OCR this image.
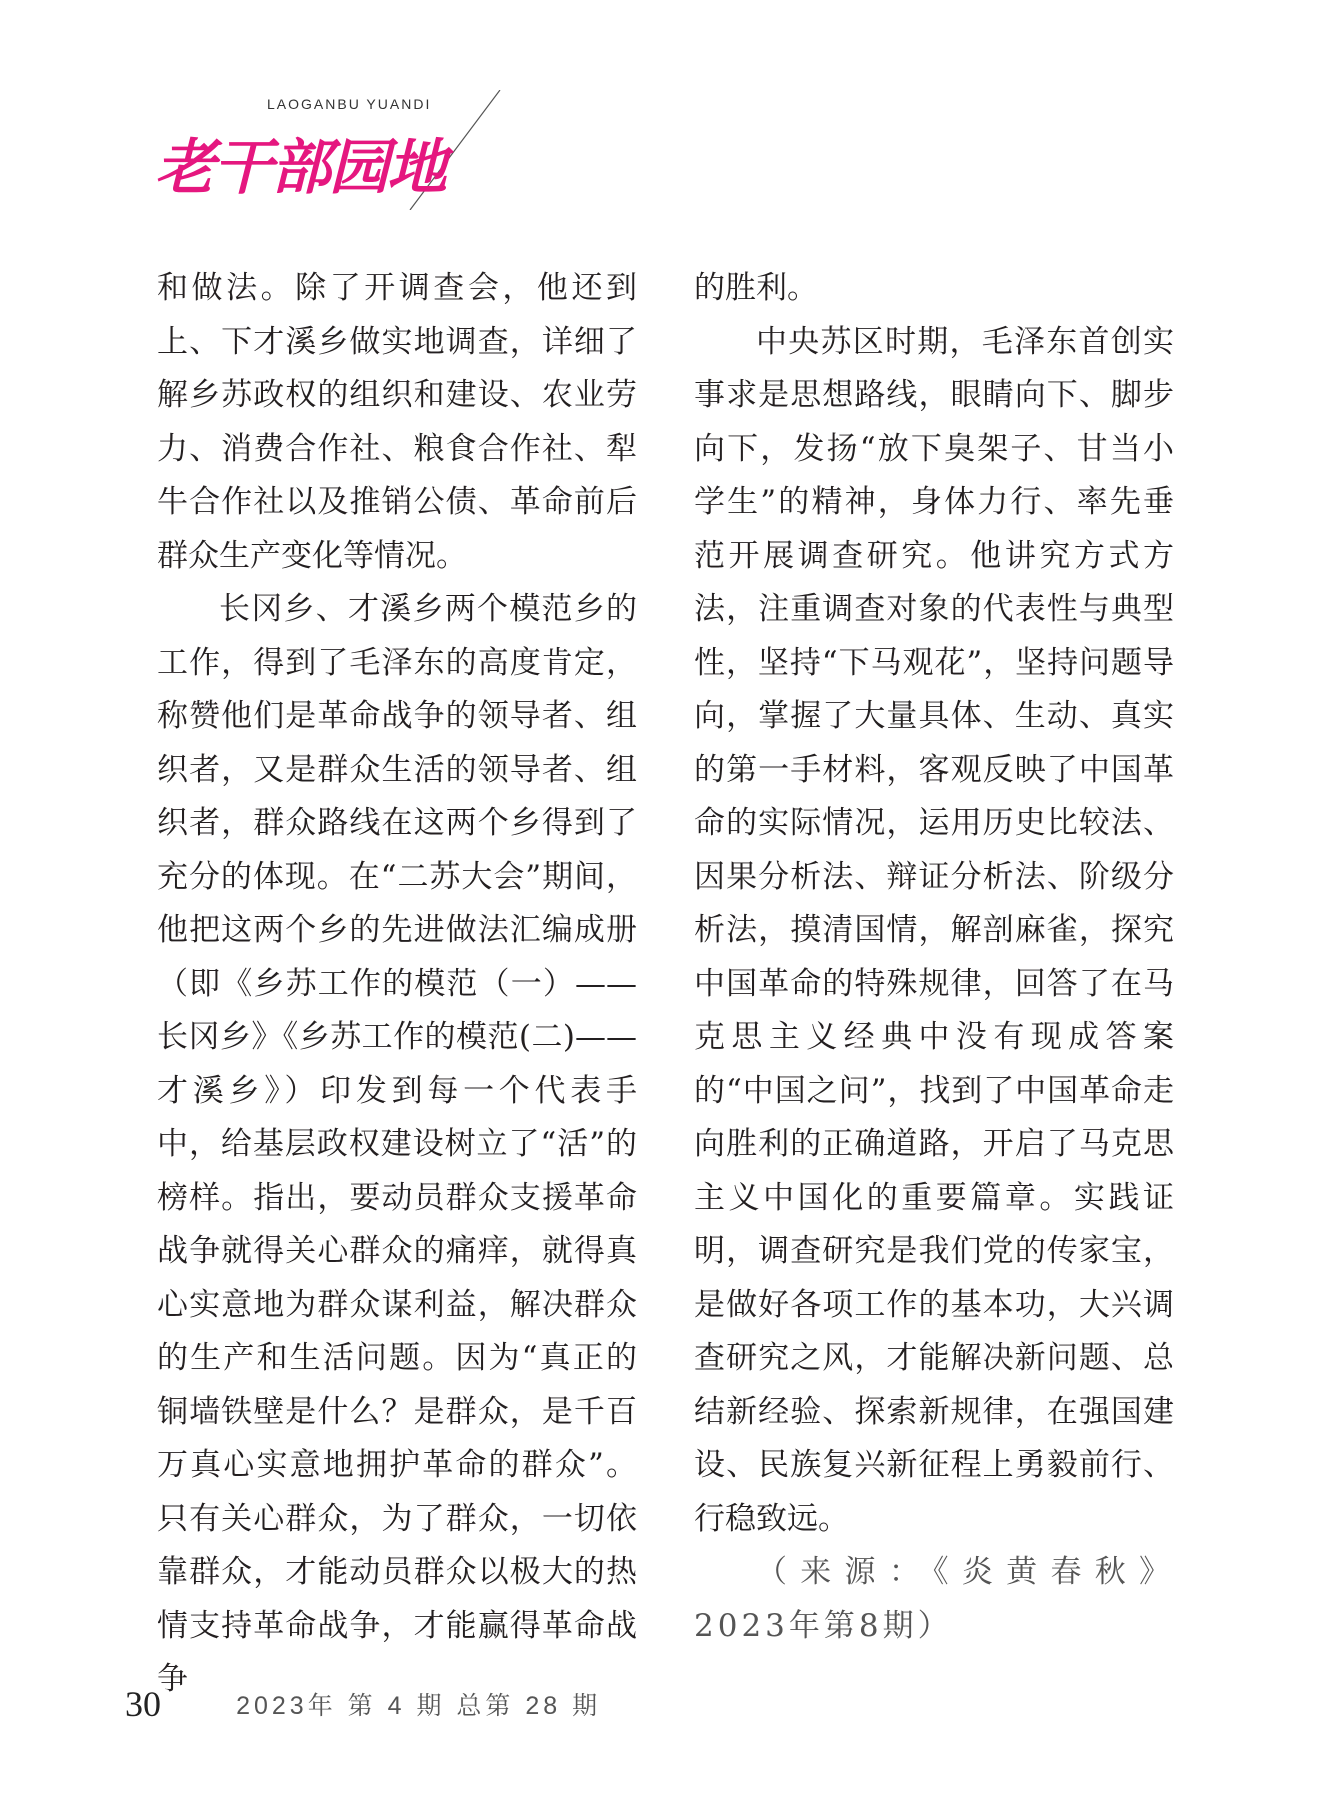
LAOGANBU YUANDI
老干部园地

和做法。除了开调查会，他还到上、下才溪乡做实地调查，详细了解乡苏政权的组织和建设、农业劳力、消费合作社、粮食合作社、犁牛合作社以及推销公债、革命前后群众生产变化等情况。

长冈乡、才溪乡两个模范乡的工作，得到了毛泽东的高度肯定，称赞他们是革命战争的领导者、组织者，又是群众生活的领导者、组织者，群众路线在这两个乡得到了充分的体现。在“二苏大会”期间，他把这两个乡的先进做法汇编成册（即《乡苏工作的模范（一）——长冈乡》《乡苏工作的模范(二)——才溪乡》）印发到每一个代表手中，给基层政权建设树立了“活”的榜样。指出，要动员群众支援革命战争就得关心群众的痛痒，就得真心实意地为群众谋利益，解决群众的生产和生活问题。因为“真正的铜墙铁壁是什么？是群众，是千百万真心实意地拥护革命的群众”。只有关心群众，为了群众，一切依靠群众，才能动员群众以极大的热情支持革命战争，才能赢得革命战争

的胜利。

中央苏区时期，毛泽东首创实事求是思想路线，眼睛向下、脚步向下，发扬“放下臭架子、甘当小学生”的精神，身体力行、率先垂范开展调查研究。他讲究方式方法，注重调查对象的代表性与典型性，坚持“下马观花”，坚持问题导向，掌握了大量具体、生动、真实的第一手材料，客观反映了中国革命的实际情况，运用历史比较法、因果分析法、辩证分析法、阶级分析法，摸清国情，解剖麻雀，探究中国革命的特殊规律，回答了在马克思主义经典中没有现成答案的“中国之问”，找到了中国革命走向胜利的正确道路，开启了马克思主义中国化的重要篇章。实践证明，调查研究是我们党的传家宝，是做好各项工作的基本功，大兴调查研究之风，才能解决新问题、总结新经验、探索新规律，在强国建设、民族复兴新征程上勇毅前行、行稳致远。

（来源：《炎黄春秋》2023年第8期）

30	2023年 第 4 期 总第 28 期
